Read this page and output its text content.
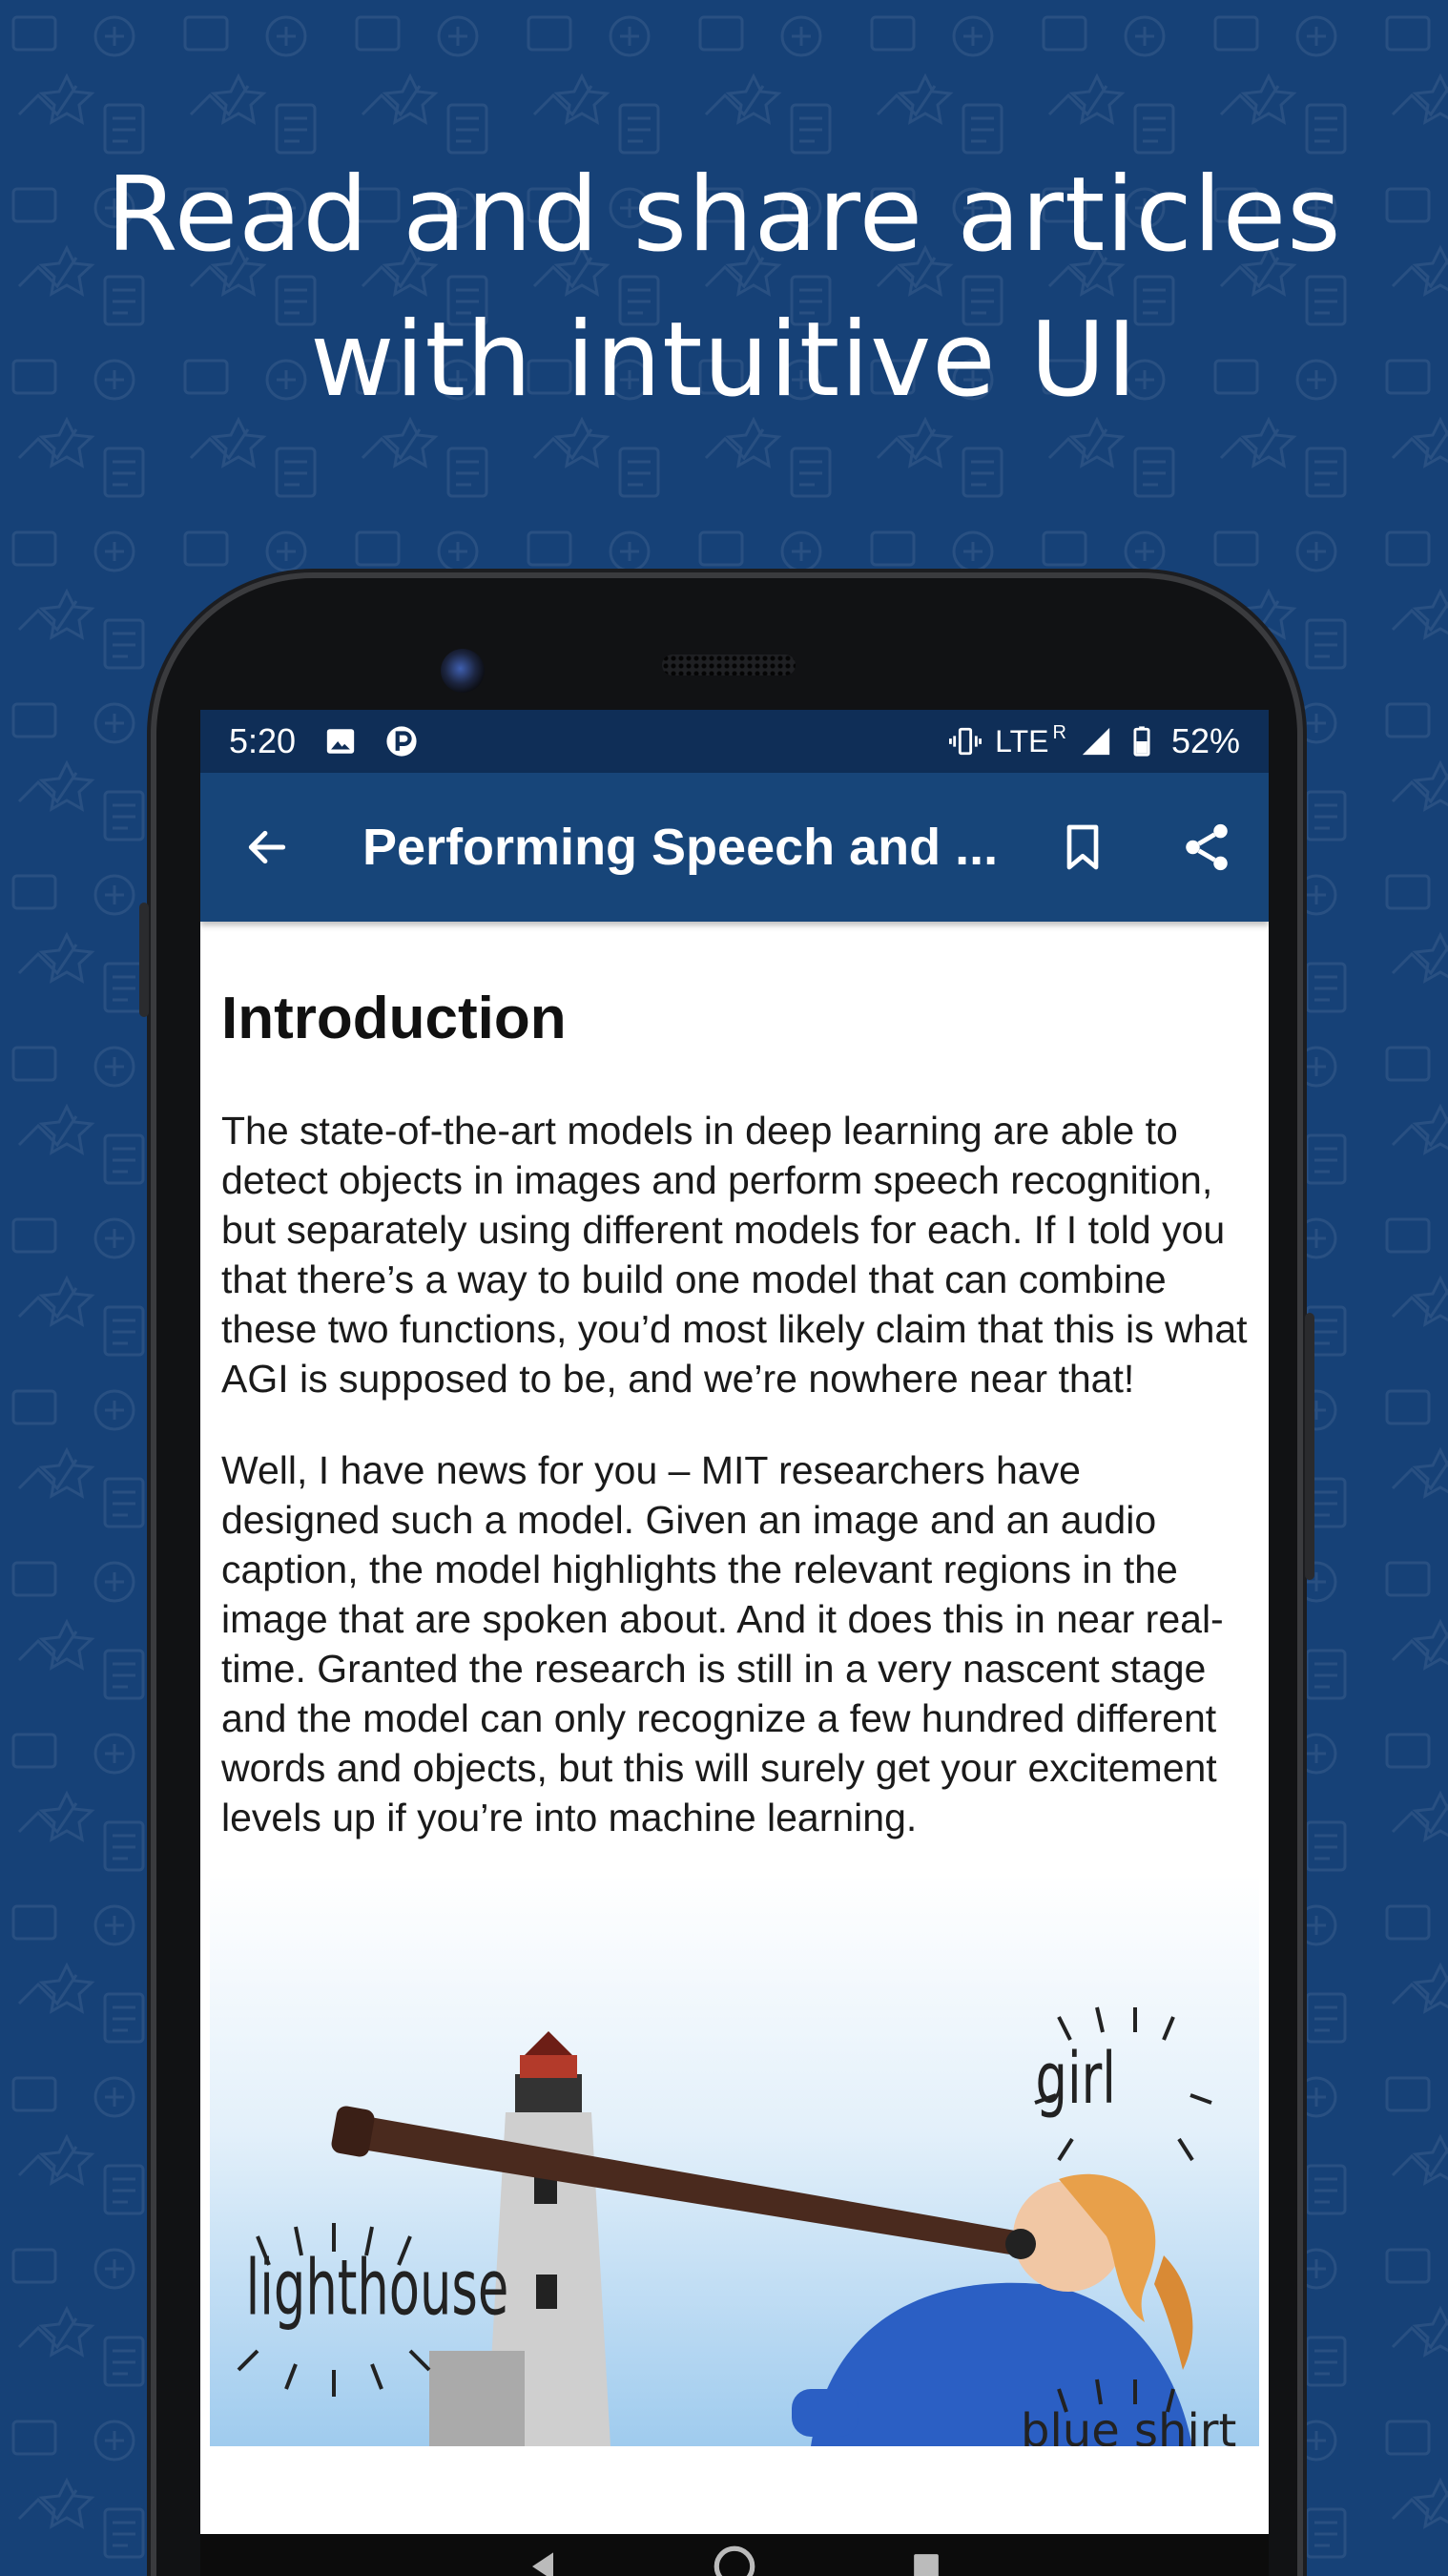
Read and share articles
with intuitive UI
5:20	LTE R	52%
Performing Speech and ...
Introduction

The state-of-the-art models in deep learning are able to detect objects in images and perform speech recognition, but separately using different models for each. If I told you that there’s a way to build one model that can combine these two functions, you’d most likely claim that this is what AGI is supposed to be, and we’re nowhere near that!

Well, I have news for you – MIT researchers have designed such a model. Given an image and an audio caption, the model highlights the relevant regions in the image that are spoken about. And it does this in near real-time. Granted the research is still in a very nascent stage and the model can only recognize a few hundred different words and objects, but this will surely get your excitement levels up if you’re into machine learning.

lighthouse
girl
blue shirt
